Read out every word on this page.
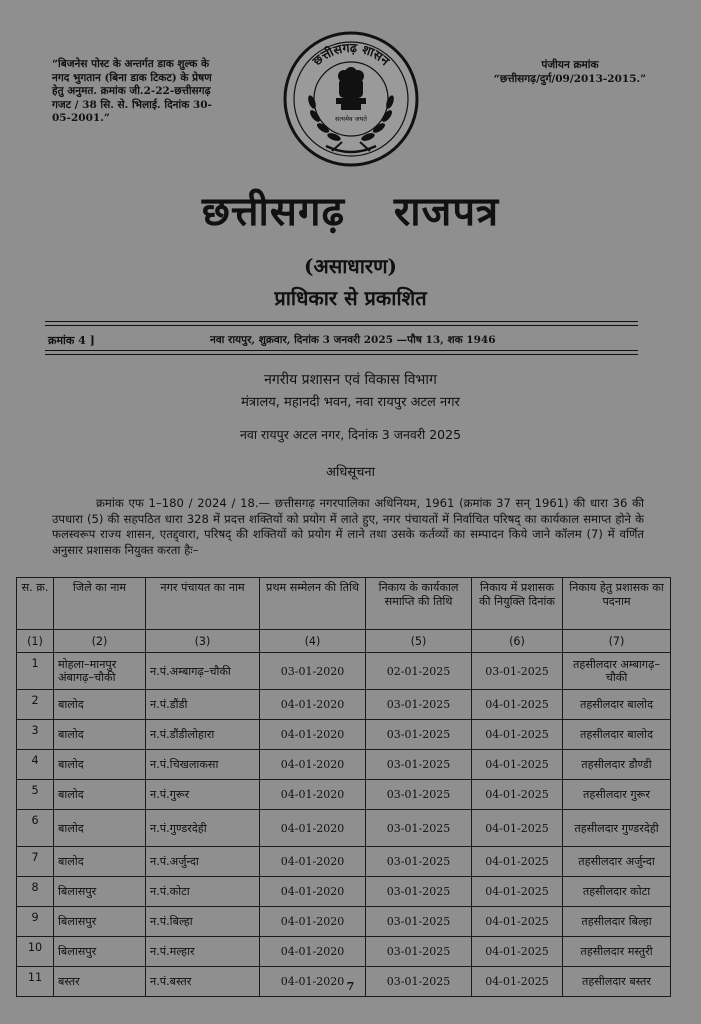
“बिजनेस पोस्ट के अन्तर्गत डाक शुल्क के नगद भुगतान (बिना डाक टिकट) के प्रेषण हेतु अनुमत. क्रमांक जी.2-22-छत्तीसगढ़ गजट / 38 सि. से. भिलाई. दिनांक 30-05-2001.”
पंजीयन क्रमांक
“छत्तीसगढ़/दुर्ग/09/2013-2015.”
छत्तीसगढ़ शासन
सत्यमेव जयते
छत्तीसगढ़ राजपत्र
(असाधारण)
प्राधिकार से प्रकाशित
क्रमांक 4 ]	नवा रायपुर, शुक्रवार, दिनांक 3 जनवरी 2025 —पौष 13, शक 1946
नगरीय प्रशासन एवं विकास विभाग
मंत्रालय, महानदी भवन, नवा रायपुर अटल नगर
नवा रायपुर अटल नगर, दिनांक 3 जनवरी 2025
अधिसूचना
क्रमांक एफ 1–180 / 2024 / 18.— छत्तीसगढ़ नगरपालिका अधिनियम, 1961 (क्रमांक 37 सन् 1961) की धारा 36 की उपधारा (5) की सहपठित धारा 328 में प्रदत्त शक्तियों को प्रयोग में लाते हुए, नगर पंचायतों में निर्वाचित परिषद् का कार्यकाल समाप्त होने के फलस्वरूप राज्य शासन, एतद्द्वारा, परिषद् की शक्तियों को प्रयोग में लाने तथा उसके कर्तव्यों का सम्पादन किये जाने कॉलम (7) में वर्णित अनुसार प्रशासक नियुक्त करता हैः–
स. क्र.	जिले का नाम	नगर पंचायत का नाम	प्रथम सम्मेलन की तिथि	निकाय के कार्यकाल समाप्ति की तिथि	निकाय में प्रशासक की नियुक्ति दिनांक	निकाय हेतु प्रशासक का पदनाम
(1)	(2)	(3)	(4)	(5)	(6)	(7)
1	मोहला–मानपुर अंबागढ़–चौकी	न.पं.अम्बागढ़–चौकी	03-01-2020	02-01-2025	03-01-2025	तहसीलदार अम्बागढ़–चौकी
2	बालोद	न.पं.डौंडी	04-01-2020	03-01-2025	04-01-2025	तहसीलदार बालोद
3	बालोद	न.पं.डौंडीलोहारा	04-01-2020	03-01-2025	04-01-2025	तहसीलदार बालोद
4	बालोद	न.पं.चिखलाकसा	04-01-2020	03-01-2025	04-01-2025	तहसीलदार डौण्डी
5	बालोद	न.पं.गुरूर	04-01-2020	03-01-2025	04-01-2025	तहसीलदार गुरूर
6	बालोद	न.पं.गुण्डरदेही	04-01-2020	03-01-2025	04-01-2025	तहसीलदार गुण्डरदेही
7	बालोद	न.पं.अर्जुन्दा	04-01-2020	03-01-2025	04-01-2025	तहसीलदार अर्जुन्दा
8	बिलासपुर	न.पं.कोटा	04-01-2020	03-01-2025	04-01-2025	तहसीलदार कोटा
9	बिलासपुर	न.पं.बिल्हा	04-01-2020	03-01-2025	04-01-2025	तहसीलदार बिल्हा
10	बिलासपुर	न.पं.मल्हार	04-01-2020	03-01-2025	04-01-2025	तहसीलदार मस्तुरी
11	बस्तर	न.पं.बस्तर	04-01-2020	03-01-2025	04-01-2025	तहसीलदार बस्तर
7
